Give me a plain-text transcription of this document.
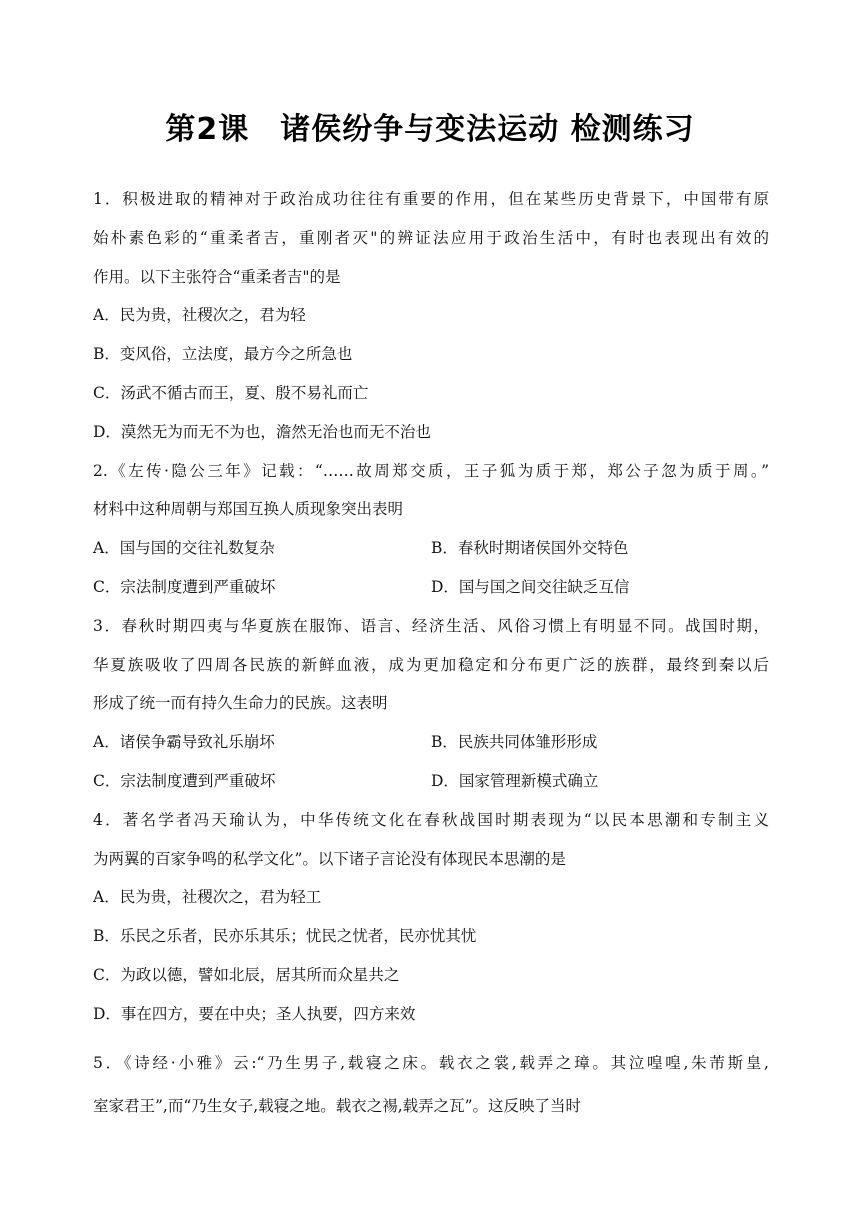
第2课　诸侯纷争与变法运动 检测练习
1．积极进取的精神对于政治成功往往有重要的作用，但在某些历史背景下，中国带有原
始朴素色彩的“重柔者吉，重刚者灭"的辨证法应用于政治生活中，有时也表现出有效的
作用。以下主张符合“重柔者吉"的是
A．民为贵，社稷次之，君为轻
B．变风俗，立法度，最方今之所急也
C．汤武不循古而王，夏、殷不易礼而亡
D．漠然无为而无不为也，澹然无治也而无不治也
2.《左传·隐公三年》记载：“……故周郑交质，王子狐为质于郑，郑公子忽为质于周。”
材料中这种周朝与郑国互换人质现象突出表明
A．国与国的交往礼数复杂	B．春秋时期诸侯国外交特色
C．宗法制度遭到严重破坏	D．国与国之间交往缺乏互信
3．春秋时期四夷与华夏族在服饰、语言、经济生活、风俗习惯上有明显不同。战国时期，
华夏族吸收了四周各民族的新鲜血液，成为更加稳定和分布更广泛的族群，最终到秦以后
形成了统一而有持久生命力的民族。这表明
A．诸侯争霸导致礼乐崩坏	B．民族共同体雏形形成
C．宗法制度遭到严重破坏	D．国家管理新模式确立
4．著名学者冯天瑜认为，中华传统文化在春秋战国时期表现为“以民本思潮和专制主义
为两翼的百家争鸣的私学文化”。以下诸子言论没有体现民本思潮的是
A．民为贵，社稷次之，君为轻工
B．乐民之乐者，民亦乐其乐；忧民之忧者，民亦忧其忧
C．为政以德，譬如北辰，居其所而众星共之
D．事在四方，要在中央；圣人执要，四方来效
5．《诗经·小雅》云:“乃生男子,载寝之床。载衣之裳,载弄之璋。其泣喤喤,朱芾斯皇,
室家君王”,而“乃生女子,载寝之地。载衣之裼,载弄之瓦”。这反映了当时
